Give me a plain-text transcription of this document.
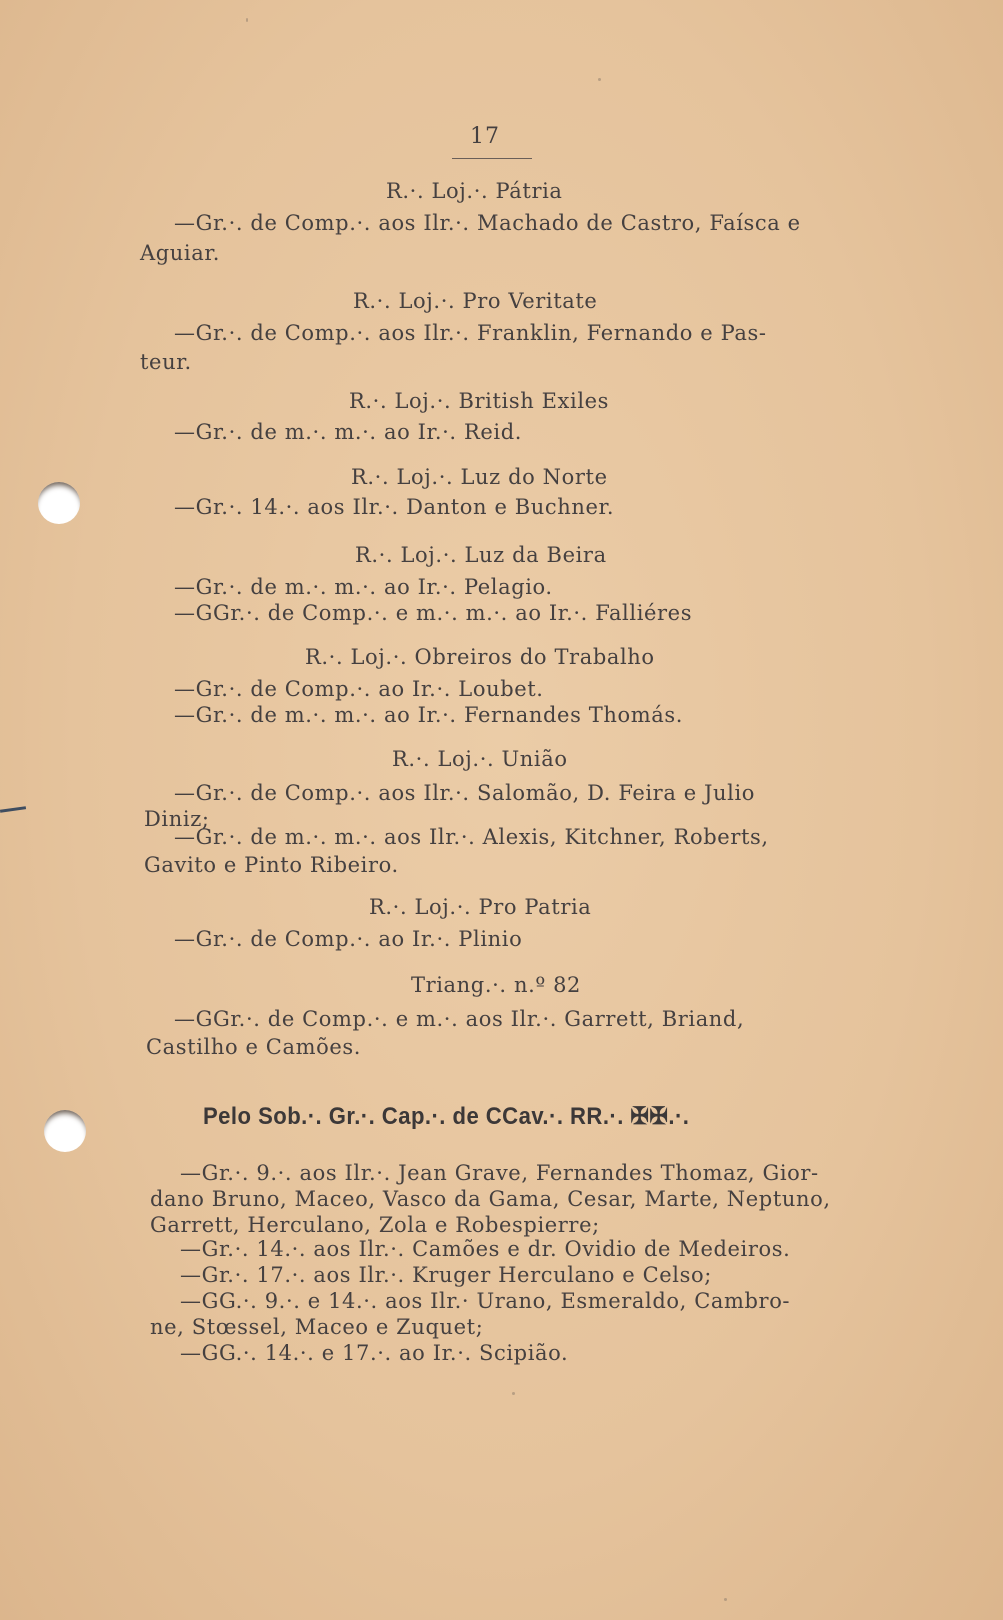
17
R.·. Loj.·. Pátria
—Gr.·. de Comp.·. aos Ilr.·. Machado de Castro, Faísca e
Aguiar.
R.·. Loj.·. Pro Veritate
—Gr.·. de Comp.·. aos Ilr.·. Franklin, Fernando e Pas-
teur.
R.·. Loj.·. British Exiles
—Gr.·. de m.·. m.·. ao Ir.·. Reid.
R.·. Loj.·. Luz do Norte
—Gr.·. 14.·. aos Ilr.·. Danton e Buchner.
R.·. Loj.·. Luz da Beira
—Gr.·. de m.·. m.·. ao Ir.·. Pelagio.
—GGr.·. de Comp.·. e m.·. m.·. ao Ir.·. Falliéres
R.·. Loj.·. Obreiros do Trabalho
—Gr.·. de Comp.·. ao Ir.·. Loubet.
—Gr.·. de m.·. m.·. ao Ir.·. Fernandes Thomás.
R.·. Loj.·. União
—Gr.·. de Comp.·. aos Ilr.·. Salomão, D. Feira e Julio
Diniz;
—Gr.·. de m.·. m.·. aos Ilr.·. Alexis, Kitchner, Roberts,
Gavito e Pinto Ribeiro.
R.·. Loj.·. Pro Patria
—Gr.·. de Comp.·. ao Ir.·. Plinio
Triang.·. n.º 82
—GGr.·. de Comp.·. e m.·. aos Ilr.·. Garrett, Briand,
Castilho e Camões.
Pelo Sob.·. Gr.·. Cap.·. de CCav.·. RR.·. ✠✠.·.
—Gr.·. 9.·. aos Ilr.·. Jean Grave, Fernandes Thomaz, Gior-
dano Bruno, Maceo, Vasco da Gama, Cesar, Marte, Neptuno,
Garrett, Herculano, Zola e Robespierre;
—Gr.·. 14.·. aos Ilr.·. Camões e dr. Ovidio de Medeiros.
—Gr.·. 17.·. aos Ilr.·. Kruger Herculano e Celso;
—GG.·. 9.·. e 14.·. aos Ilr.· Urano, Esmeraldo, Cambro-
ne, Stœssel, Maceo e Zuquet;
—GG.·. 14.·. e 17.·. ao Ir.·. Scipião.
